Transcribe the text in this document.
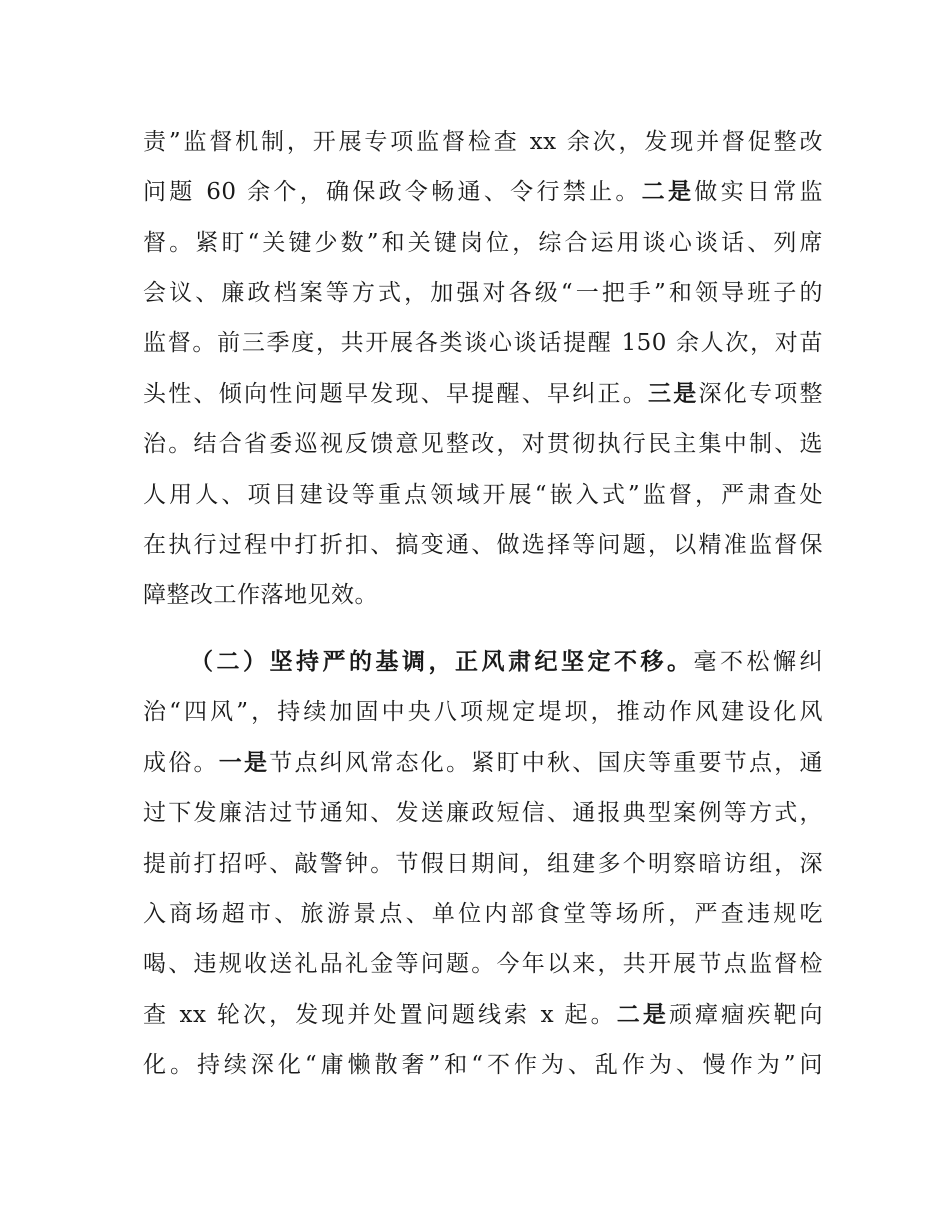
责”监督机制，开展专项监督检查 xx 余次，发现并督促整改
问题 60 余个，确保政令畅通、令行禁止。二是做实日常监
督。紧盯“关键少数”和关键岗位，综合运用谈心谈话、列席
会议、廉政档案等方式，加强对各级“一把手”和领导班子的
监督。前三季度，共开展各类谈心谈话提醒 150 余人次，对苗
头性、倾向性问题早发现、早提醒、早纠正。三是深化专项整
治。结合省委巡视反馈意见整改，对贯彻执行民主集中制、选
人用人、项目建设等重点领域开展“嵌入式”监督，严肃查处
在执行过程中打折扣、搞变通、做选择等问题，以精准监督保
障整改工作落地见效。
（二）坚持严的基调，正风肃纪坚定不移。毫不松懈纠
治“四风”，持续加固中央八项规定堤坝，推动作风建设化风
成俗。一是节点纠风常态化。紧盯中秋、国庆等重要节点，通
过下发廉洁过节通知、发送廉政短信、通报典型案例等方式，
提前打招呼、敲警钟。节假日期间，组建多个明察暗访组，深
入商场超市、旅游景点、单位内部食堂等场所，严查违规吃
喝、违规收送礼品礼金等问题。今年以来，共开展节点监督检
查 xx 轮次，发现并处置问题线索 x 起。二是顽瘴痼疾靶向
化。持续深化“庸懒散奢”和“不作为、乱作为、慢作为”问
